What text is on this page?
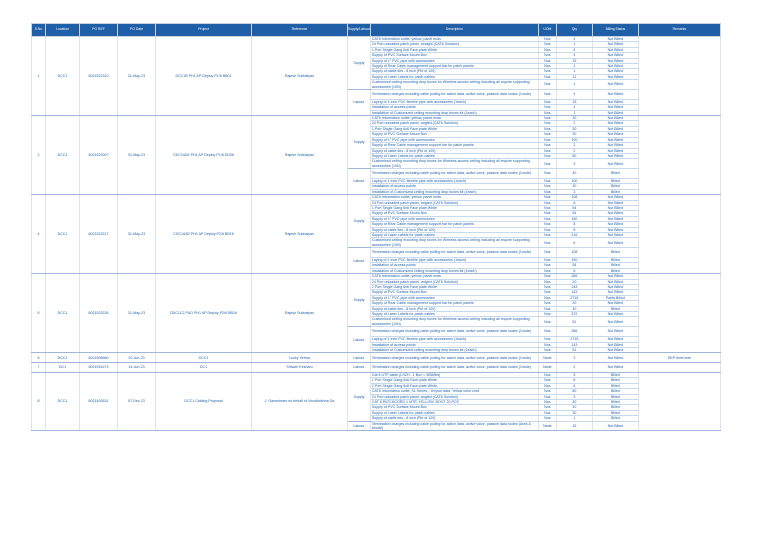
S.No	Location	PO REF	PO Date	Project	Reference	Supply/Labour	Description	UOM	Qty	Billing Status	Remarks
1	DCC1	6021522310	31-May-23	DCC1B PH1 AP Deploy P1/6 BB01	Rajesh Subbaiyan	Supply	CAT6 Information outlet, yellow, panel ends	Nos	4	Not Billed	
							24 Port unloaded patch panel, straight (CAT6 Solution)	Nos	1	Not Billed	
							1 Port Single Gang 6x6 Face plate White	Nos	4	Not Billed	
							Supply of PVC Surface Mount Box	Nos	4	Not Billed	
							Supply of 1" PVC pipe with accessories	Nos	15	Not Billed	
							Supply of Rear Cable management support bar for patch panels	Nos	1	Not Billed	
							Supply of cable ties - 8 inch (Pkt of 100)	Nos	1	Not Billed	
							Supply of Laser Labels for patch cables	Nos	12	Not Billed	
							Customised ceiling mounting drop boxes for Wireless access ceiling including all require supporting accessories (10N)	Nos	1	Not Billed	
						Labour	Termination charges including cable pulling for active data, active voice, passive data nodes (1node)	Nos	4	Not Billed	
							Laying of 1 Inch PVC flexible pipe with accessories (1each)	Nos	15	Not Billed	
							Installation of access points	Nos	4	Not Billed	
							Installation of Customized ceiling mounting drop boxes kit (1each)	Nos	1	Not Billed	
2	DCC1	6021523007	31-May-23	CDC1&B2 PH1 AP Deploy P1/6 DD06	Rajesh Subbaiyan	Supply	CAT6 Information outlet, yellow, panel ends	Nos	30	Not Billed	
							24 Port unloaded patch panel, angled (CAT6 Solution)	Nos	2	Not Billed	
							1 Port Single Gang 6x6 Face plate White	Nos	30	Not Billed	
							Supply of PVC Surface Mount Box	Nos	30	Not Billed	
							Supply of 1" PVC pipe with accessories	Nos	100	Not Billed	
							Supply of Rear Cable management support bar for patch panels	Nos	2	Not Billed	
							Supply of cable ties - 8 inch (Pkt of 100)	Nos	2	Not Billed	
							Supply of Laser Labels for patch cables	Nos	80	Not Billed	
							Customised ceiling mounting drop boxes for Wireless access ceiling including all require supporting accessories (10N)	Nos	3	Not Billed	
						Labour	Termination charges including cable pulling for active data, active voice, passive data nodes (1node)	Nos	40	Billed	
							Laying of 1 Inch PVC flexible pipe with accessories (1each)	Nos	100	Billed	
							Installation of access points	Nos	30	Billed	
							Installation of Customized ceiling mounting drop boxes kit (1each)	Nos	3	Billed	
4	DCC1	6021523217	31-May-23	CDC1&B2 PH1 AP Deploy P2/6 BB16	Rajesh Subbaiyan	Supply	CAT6 Information outlet, yellow, panel ends	Nos	108	Not Billed	
							24 Port unloaded patch panel, angled (CAT6 Solution)	Nos	8	Not Billed	
							1 Port Single Gang 6x6 Face plate White	Nos	54	Not Billed	
							Supply of PVC Surface Mount Box	Nos	54	Not Billed	
							Supply of 1" PVC pipe with accessories	Nos	150	Not Billed	
							Supply of Rear Cable management support bar for patch panels	Nos	8	Not Billed	
							Supply of cable ties - 8 inch (Pkt of 100)	Nos	8	Not Billed	
							Supply of Laser Labels for patch cables	Nos	216	Not Billed	
							Customised ceiling mounting drop boxes for Wireless access ceiling including all require supporting accessories (10N)	Nos	6	Not Billed	
						Labour	Termination charges including cable pulling for active data, active voice, passive data nodes (1node)	Nos	108	Billed	
							Laying of 1 Inch PVC flexible pipe with accessories (1each)	Nos	150	Billed	
							Installation of access points	Nos	54	Billed	
							Installation of Customized ceiling mounting drop boxes kit (1each)	Nos	6	Billed	
5	DCC1	6021523226	31-May-23	DDC1C2 P&O PH1 AP Deploy P2/6 BB16	Rajesh Subbaiyan	Supply	CAT6 Information outlet, yellow, panel ends	Nos	286	Not Billed	
							24 Port unloaded patch panel, angled (CAT6 Solution)	Nos	20	Not Billed	
							1 Port Single Gang 6x6 Face plate White	Nos	143	Not Billed	
							Supply of PVC Surface Mount Box	Nos	143	Not Billed	
							Supply of 1" PVC pipe with accessories	Nos	2715	Partly Billed	
							Supply of Rear Cable management support bar for patch panels	Nos	20	Not Billed	
							Supply of cable ties - 8 inch (Pkt of 100)	Nos	40	Billed	
							Supply of Laser Labels for patch cables	Nos	572	Not Billed	
							Customised ceiling mounting drop boxes for Wireless access ceiling including all require supporting accessories (10N)	Nos	51	Not Billed	
						Labour	Termination charges including cable pulling for active data, active voice, passive data nodes (1node)	Nos	286	Not Billed	
							Laying of 1 Inch PVC flexible pipe with accessories (1each)	Nos	2715	Not Billed	
							Installation of access points	Nos	143	Not Billed	
							Installation of Customized ceiling mounting drop boxes kit (1each)	Nos	51	Not Billed	
6	DCC1	6021508580	20-Jun-23	DCC1	Lucky Verma	Labour	Termination charges including cable pulling for active data, active voice, passive data nodes (1node)	Node	3	Not Billed	DEP level wire
7	DC1	6021516273	14-Jun-23	DC1	Shivam Kesharu	Labour	Termination charges including cable pulling for active data, active voice, passive data nodes (1node)	Node	2	Not Billed	
8	DCC1	6021493631	07-Dec-23	DCC1 Cabling Proposal	J. Ganeshram on behalf of Vinodkrishna Ga	Supply	Cat 6 UTP cable (LSZH - 1 Box = 305Mtrs)	Nos	5	Billed	
							1 Port Single Gang 6x6 Face plate White	Nos	8	Billed	
							2 Port Single Gang 6x6 Face plate White	Nos	6	Billed	
							CAT6 Information outlet, SL Series, , Keyton data, Yellow color cord	Nos	80	Billed	
							24 Port unloaded patch panel, angled (CAT6 Solution)	Nos	3	Billed	
							CAT 6 PATCHCORD 1 MTR, YELLOW, BOOT 20 PCS	Nos	30	Billed	
							Supply of PVC Surface Mount Box	Nos	10	Billed	
							Supply of Laser Labels for patch cables	Nos	30	Billed	
							Supply of cable ties - 8 inch (Pkt of 100)	Nos	1	Billed	
						Labour	Termination charges including cable pulling for active data, active voice, passive data nodes (Area & 8node)	Node	15	Not Billed	
